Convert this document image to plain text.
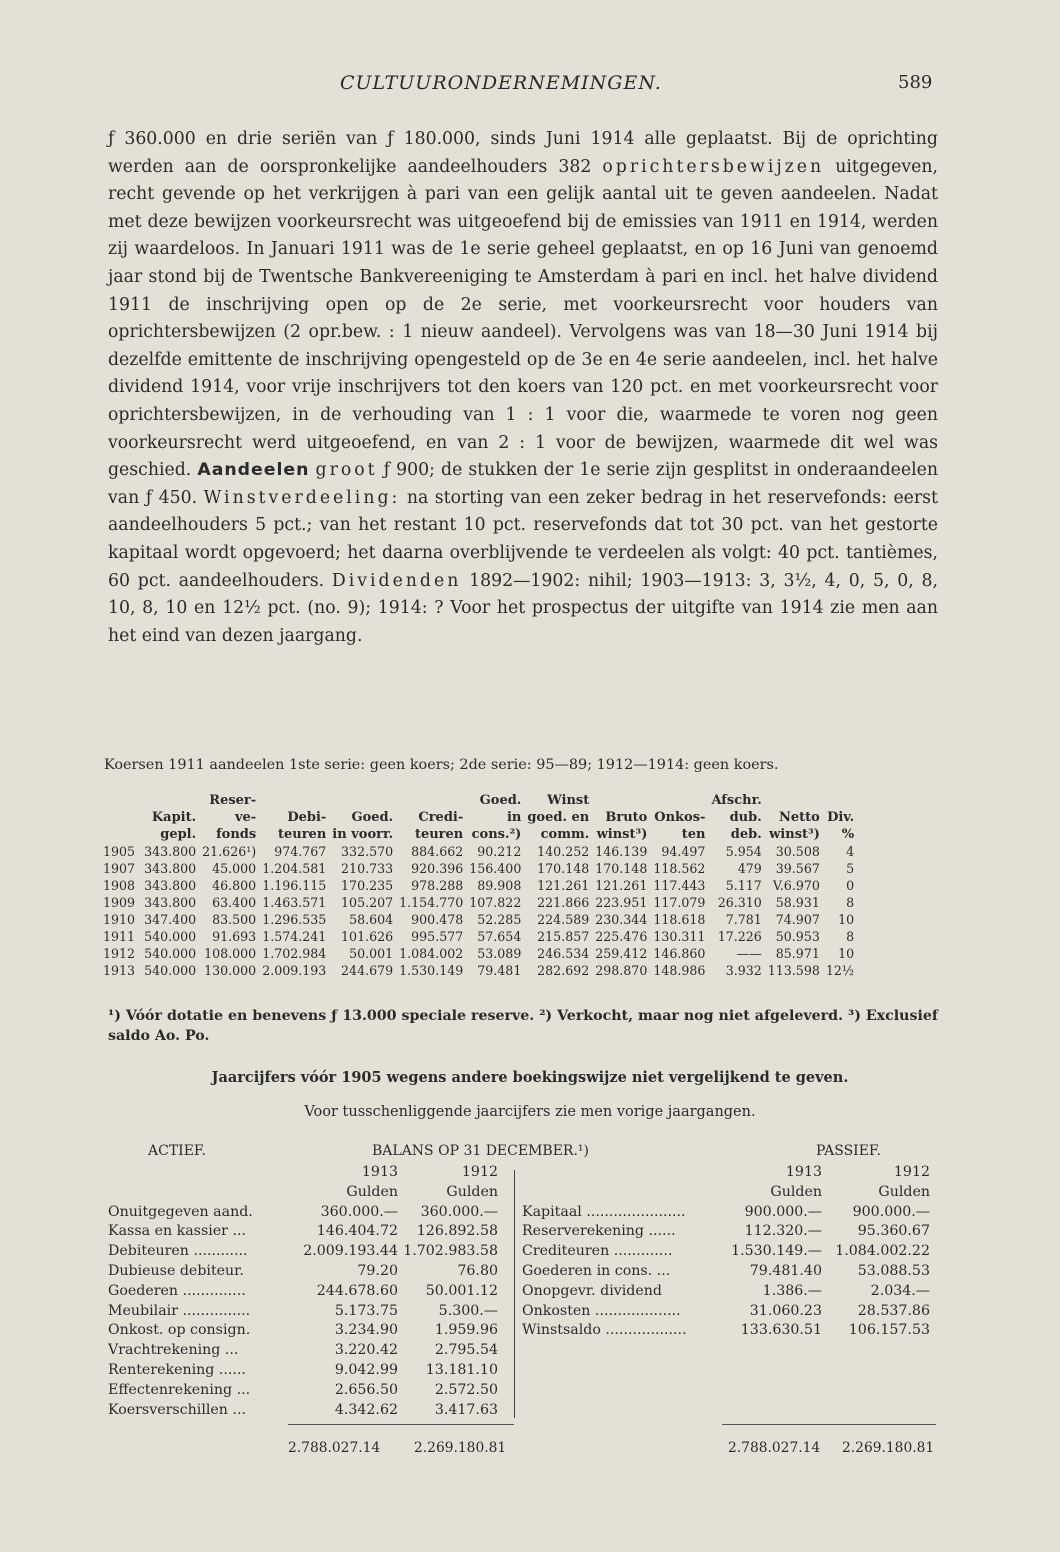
CULTUURONDERNEMINGEN.	589

ƒ 360.000 en drie seriën van ƒ 180.000, sinds Juni 1914 alle geplaatst. Bij de oprichting werden aan de oorspronkelijke aandeelhouders 382 oprichtersbewijzen uitgegeven, recht gevende op het verkrijgen à pari van een gelijk aantal uit te geven aandeelen. Nadat met deze bewijzen voorkeursrecht was uitgeoefend bij de emissies van 1911 en 1914, werden zij waardeloos. In Januari 1911 was de 1e serie geheel geplaatst, en op 16 Juni van genoemd jaar stond bij de Twentsche Bankvereeniging te Amsterdam à pari en incl. het halve dividend 1911 de inschrijving open op de 2e serie, met voorkeursrecht voor houders van oprichtersbewijzen (2 opr.bew. : 1 nieuw aandeel). Vervolgens was van 18—30 Juni 1914 bij dezelfde emittente de inschrijving opengesteld op de 3e en 4e serie aandeelen, incl. het halve dividend 1914, voor vrije inschrijvers tot den koers van 120 pct. en met voorkeursrecht voor oprichtersbewijzen, in de verhouding van 1 : 1 voor die, waarmede te voren nog geen voorkeursrecht werd uitgeoefend, en van 2 : 1 voor de bewijzen, waarmede dit wel was geschied. Aandeelen groot ƒ 900; de stukken der 1e serie zijn gesplitst in onderaandeelen van ƒ 450. Winstverdeeling: na storting van een zeker bedrag in het reservefonds: eerst aandeelhouders 5 pct.; van het restant 10 pct. reservefonds dat tot 30 pct. van het gestorte kapitaal wordt opgevoerd; het daarna overblijvende te verdeelen als volgt: 40 pct. tantièmes, 60 pct. aandeelhouders. Dividenden 1892—1902: nihil; 1903—1913: 3, 3½, 4, 0, 5, 0, 8, 10, 8, 10 en 12½ pct. (no. 9); 1914: ? Voor het prospectus der uitgifte van 1914 zie men aan het eind van dezen jaargang.

Koersen 1911 aandeelen 1ste serie: geen koers; 2de serie: 95—89; 1912—1914: geen koers.
		Reser-				Goed.	Winst			Afschr.		
	Kapit.	ve-	Debi-	Goed.	Credi-	in	goed. en	Bruto	Onkos-	dub.	Netto	Div.
	gepl.	fonds	teuren	in voorr.	teuren	cons.²)	comm.	winst³)	ten	deb.	winst³)	%
1905	343.800	21.626¹)	974.767	332.570	884.662	90.212	140.252	146.139	94.497	5.954	30.508	4
1907	343.800	45.000	1.204.581	210.733	920.396	156.400	170.148	170.148	118.562	479	39.567	5
1908	343.800	46.800	1.196.115	170.235	978.288	89.908	121.261	121.261	117.443	5.117	V.6.970	0
1909	343.800	63.400	1.463.571	105.207	1.154.770	107.822	221.866	223.951	117.079	26.310	58.931	8
1910	347.400	83.500	1.296.535	58.604	900.478	52.285	224.589	230.344	118.618	7.781	74.907	10
1911	540.000	91.693	1.574.241	101.626	995.577	57.654	215.857	225.476	130.311	17.226	50.953	8
1912	540.000	108.000	1.702.984	50.001	1.084.002	53.089	246.534	259.412	146.860	——	85.971	10
1913	540.000	130.000	2.009.193	244.679	1.530.149	79.481	282.692	298.870	148.986	3.932	113.598	12½
¹) Vóór dotatie en benevens ƒ 13.000 speciale reserve. ²) Verkocht, maar nog niet afgeleverd. ³) Exclusief saldo Ao. Po.
Jaarcijfers vóór 1905 wegens andere boekingswijze niet vergelijkend te geven.
Voor tusschenliggende jaarcijfers zie men vorige jaargangen.
ACTIEF.	BALANS OP 31 DECEMBER.¹)	PASSIEF.
	1913	1912
	Gulden	Gulden
Onuitgegeven aand.	360.000.—	360.000.—
Kassa en kassier ...	146.404.72	126.892.58
Debiteuren ............	2.009.193.44	1.702.983.58
Dubieuse debiteur.	79.20	76.80
Goederen ..............	244.678.60	50.001.12
Meubilair ...............	5.173.75	5.300.—
Onkost. op consign.	3.234.90	1.959.96
Vrachtrekening ...	3.220.42	2.795.54
Renterekening ......	9.042.99	13.181.10
Effectenrekening ...	2.656.50	2.572.50
Koersverschillen ...	4.342.62	3.417.63
	1913	1912
	Gulden	Gulden
Kapitaal ......................	900.000.—	900.000.—
Reserverekening ......	112.320.—	95.360.67
Crediteuren .............	1.530.149.—	1.084.002.22
Goederen in cons. ...	79.481.40	53.088.53
Onopgevr. dividend	1.386.—	2.034.—
Onkosten ...................	31.060.23	28.537.86
Winstsaldo ..................	133.630.51	106.157.53
2.788.027.14 2.269.180.81	2.788.027.14 2.269.180.81
